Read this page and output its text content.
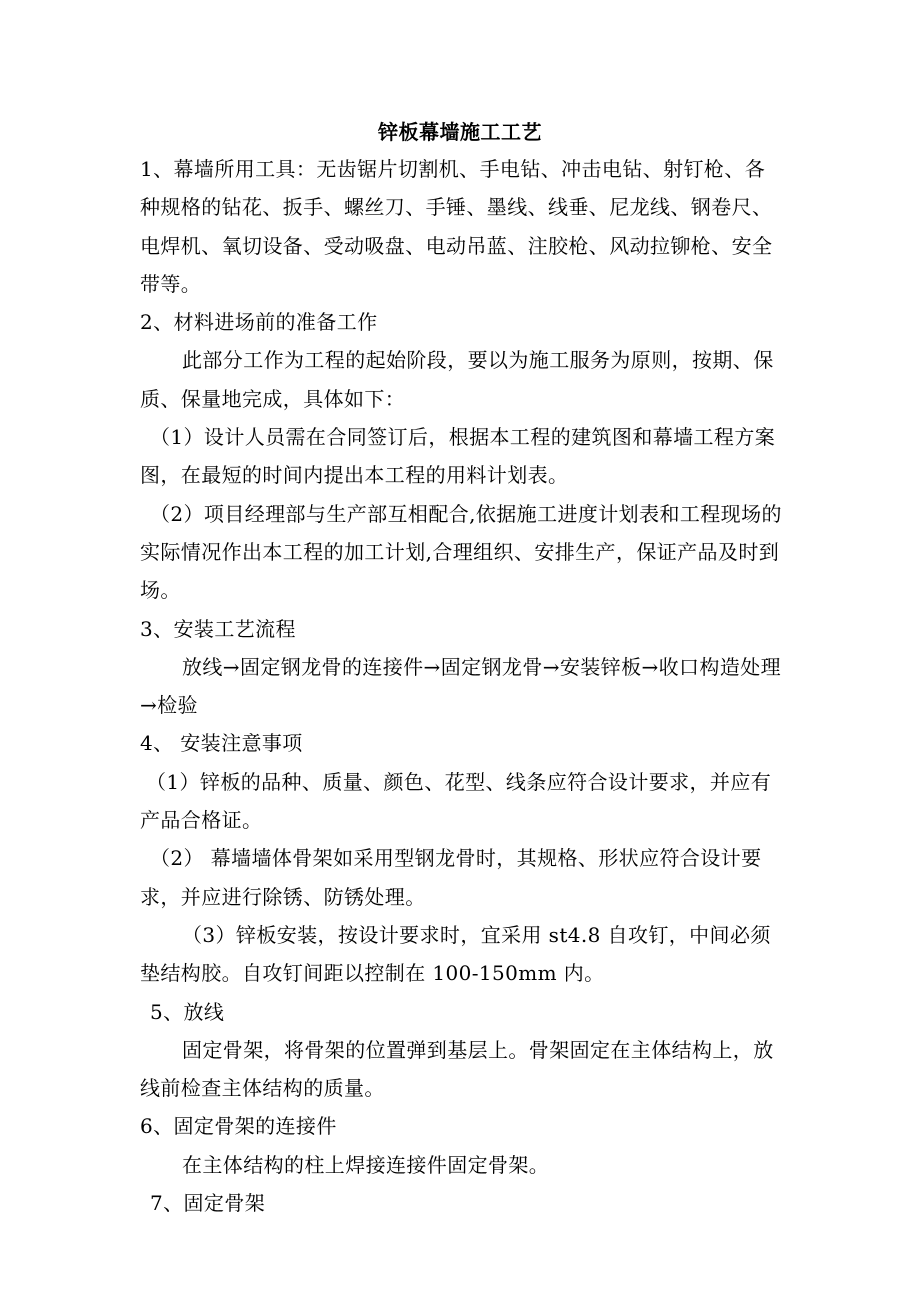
锌板幕墙施工工艺

1、幕墙所用工具：无齿锯片切割机、手电钻、冲击电钻、射钉枪、各种规格的钻花、扳手、螺丝刀、手锤、墨线、线垂、尼龙线、钢卷尺、电焊机、氧切设备、受动吸盘、电动吊蓝、注胶枪、风动拉铆枪、安全带等。

2、材料进场前的准备工作

此部分工作为工程的起始阶段，要以为施工服务为原则，按期、保质、保量地完成，具体如下：

（1）设计人员需在合同签订后，根据本工程的建筑图和幕墙工程方案图，在最短的时间内提出本工程的用料计划表。

（2）项目经理部与生产部互相配合,依据施工进度计划表和工程现场的实际情况作出本工程的加工计划,合理组织、安排生产，保证产品及时到场。

3、安装工艺流程

放线→固定钢龙骨的连接件→固定钢龙骨→安装锌板→收口构造处理→检验

4、 安装注意事项

（1）锌板的品种、质量、颜色、花型、线条应符合设计要求，并应有产品合格证。

（2） 幕墙墙体骨架如采用型钢龙骨时，其规格、形状应符合设计要求，并应进行除锈、防锈处理。

（3）锌板安装，按设计要求时，宜采用 st4.8 自攻钉，中间必须垫结构胶。自攻钉间距以控制在 100-150mm 内。

5、放线

固定骨架，将骨架的位置弹到基层上。骨架固定在主体结构上，放线前检查主体结构的质量。

6、固定骨架的连接件

在主体结构的柱上焊接连接件固定骨架。

7、固定骨架
